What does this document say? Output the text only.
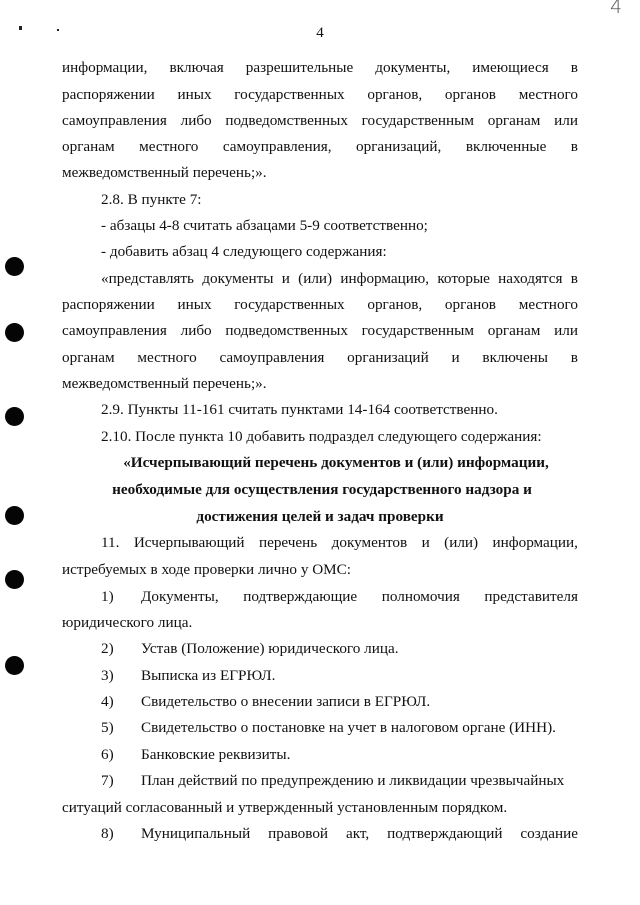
4
4
информации, включая разрешительные документы, имеющиеся в
распоряжении иных государственных органов, органов местного
самоуправления либо подведомственных государственным органам или
органам местного самоуправления, организаций, включенные в
межведомственный перечень;».
2.8. В пункте 7:
- абзацы 4-8 считать абзацами 5-9 соответственно;
- добавить абзац 4 следующего содержания:
«представлять документы и (или) информацию, которые находятся в
распоряжении иных государственных органов, органов местного
самоуправления либо подведомственных государственным органам или
органам местного самоуправления организаций и включены в
межведомственный перечень;».
2.9. Пункты 11-161 считать пунктами 14-164 соответственно.
2.10. После пункта 10 добавить подраздел следующего содержания:
«Исчерпывающий перечень документов и (или) информации,
необходимые для осуществления государственного надзора и
достижения целей и задач проверки
11. Исчерпывающий перечень документов и (или) информации,
истребуемых в ходе проверки лично у ОМС:
1) Документы, подтверждающие полномочия представителя
юридического лица.
2) Устав (Положение) юридического лица.
3) Выписка из ЕГРЮЛ.
4) Свидетельство о внесении записи в ЕГРЮЛ.
5) Свидетельство о постановке на учет в налоговом органе (ИНН).
6) Банковские реквизиты.
7) План действий по предупреждению и ликвидации чрезвычайных
ситуаций согласованный и утвержденный установленным порядком.
8) Муниципальный правовой акт, подтверждающий создание
